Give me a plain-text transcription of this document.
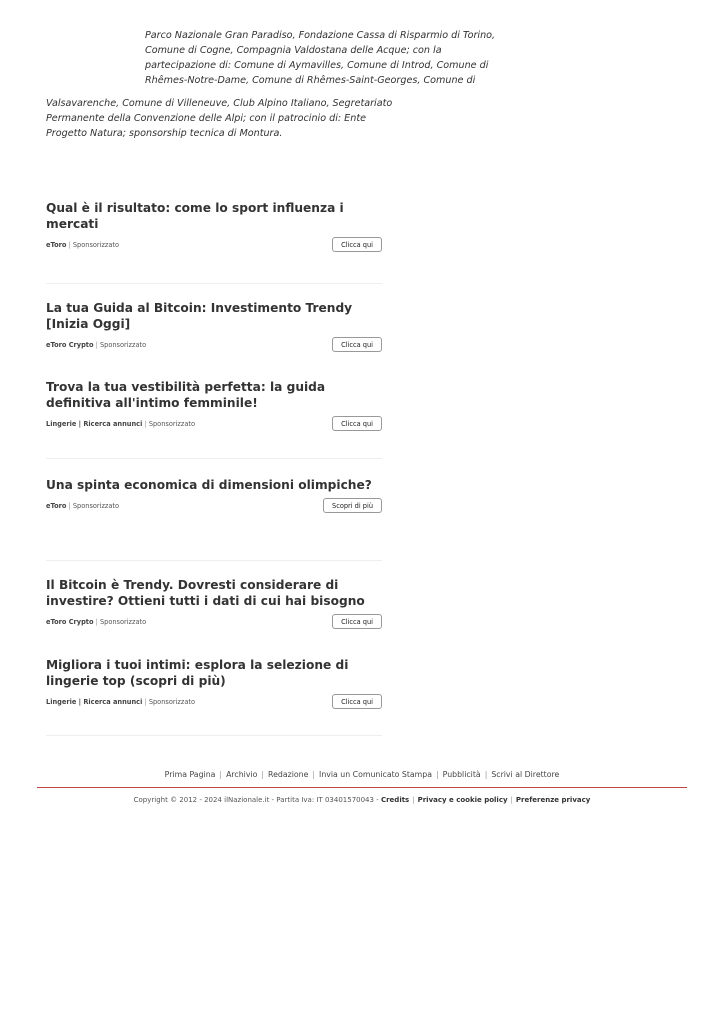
Parco Nazionale Gran Paradiso, Fondazione Cassa di Risparmio di Torino,
Comune di Cogne, Compagnia Valdostana delle Acque; con la
partecipazione di: Comune di Aymavilles, Comune di Introd, Comune di
Rhêmes-Notre-Dame, Comune di Rhêmes-Saint-Georges, Comune di
Valsavarenche, Comune di Villeneuve, Club Alpino Italiano, Segretariato
Permanente della Convenzione delle Alpi; con il patrocinio di: Ente
Progetto Natura; sponsorship tecnica di Montura.
Qual è il risultato: come lo sport influenza i mercati
eToro | Sponsorizzato	Clicca qui
La tua Guida al Bitcoin: Investimento Trendy [Inizia Oggi]
eToro Crypto | Sponsorizzato	Clicca qui
Trova la tua vestibilità perfetta: la guida definitiva all'intimo femminile!
Lingerie | Ricerca annunci | Sponsorizzato	Clicca qui
Una spinta economica di dimensioni olimpiche?
eToro | Sponsorizzato	Scopri di più
Il Bitcoin è Trendy. Dovresti considerare di investire? Ottieni tutti i dati di cui hai bisogno
eToro Crypto | Sponsorizzato	Clicca qui
Migliora i tuoi intimi: esplora la selezione di lingerie top (scopri di più)
Lingerie | Ricerca annunci | Sponsorizzato	Clicca qui
Prima Pagina | Archivio | Redazione | Invia un Comunicato Stampa | Pubblicità | Scrivi al Direttore
Copyright © 2012 - 2024 ilNazionale.it - Partita Iva: IT 03401570043 - Credits | Privacy e cookie policy | Preferenze privacy
